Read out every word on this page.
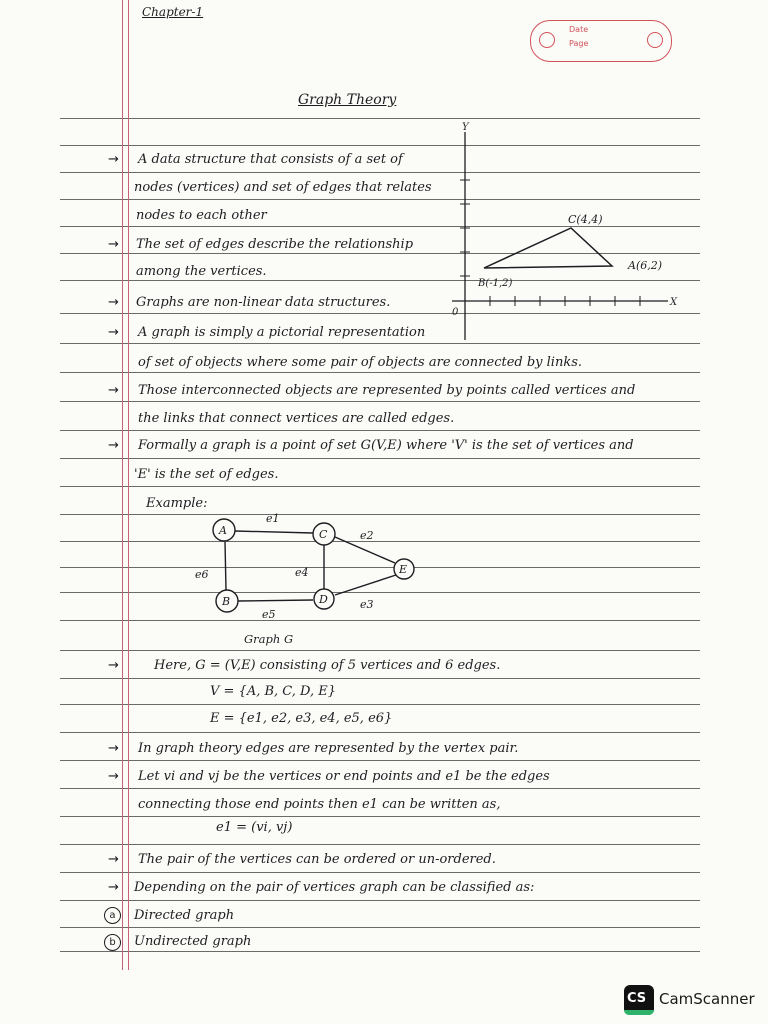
Chapter-1
Date
Page
Graph Theory
→
→
→
→
→
→
→
→
→
→
→
A data structure that consists of a set of
nodes (vertices) and set of edges that relates
nodes to each other
The set of edges describe the relationship
among the vertices.
Graphs are non-linear data structures.
A graph is simply a pictorial representation
of set of objects where some pair of objects are connected by links.
Those interconnected objects are represented by points called vertices and
the links that connect vertices are called edges.
Formally a graph is a point of set G(V,E) where 'V' is the set of vertices and
'E' is the set of edges.
Example:
Graph G
Here, G = (V,E) consisting of 5 vertices and 6 edges.
V = {A, B, C, D, E}
E = {e1, e2, e3, e4, e5, e6}
In graph theory edges are represented by the vertex pair.
Let vi and vj be the vertices or end points and e1 be the edges
connecting those end points then e1 can be written as,
e1 = (vi, vj)
The pair of the vertices can be ordered or un-ordered.
Depending on the pair of vertices graph can be classified as:
a	Directed graph
b	Undirected graph
Y
X
0
C(4,4)
A(6,2)
B(-1,2)
A	C
E
B	D
e1
e2
e3
e4
e5
e6
CS CamScanner
